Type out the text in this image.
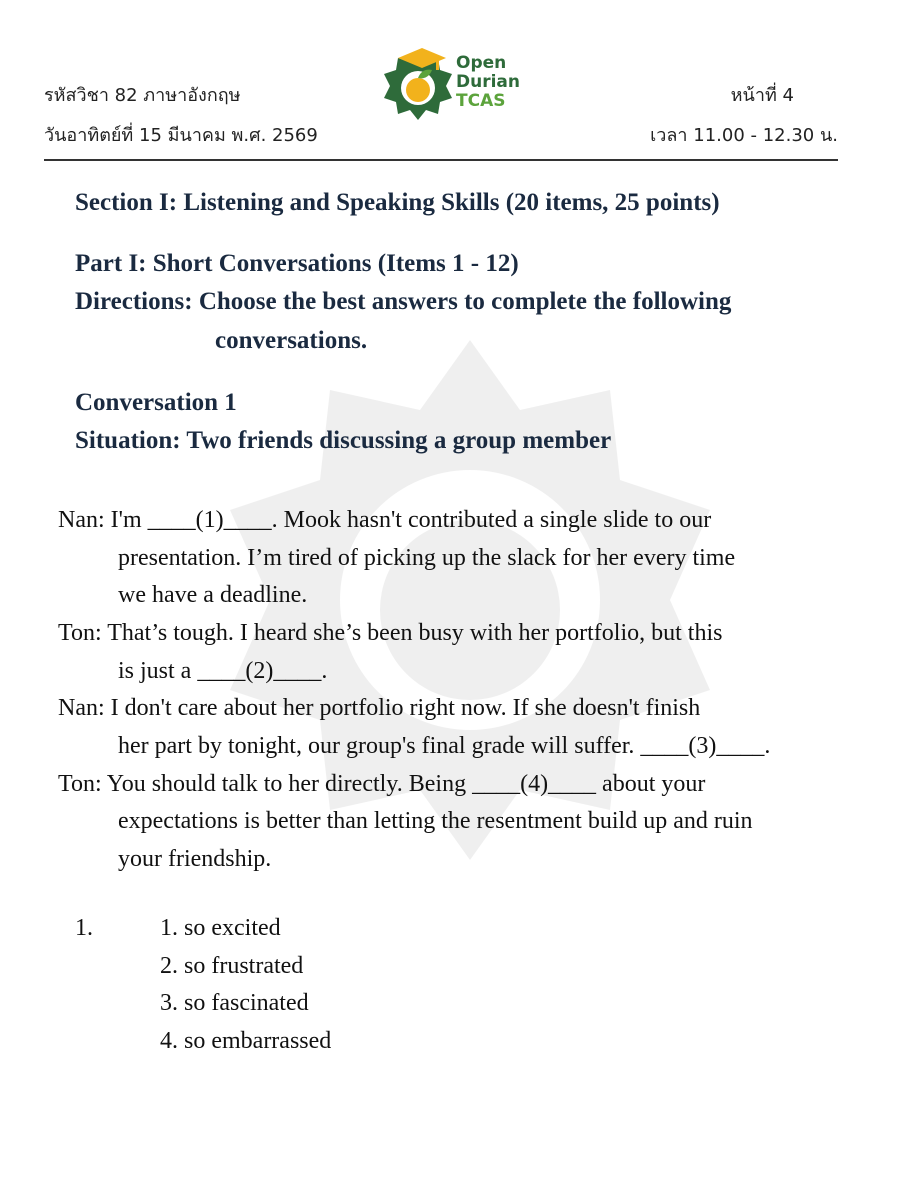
รหัสวิชา 82 ภาษาอังกฤษ
วันอาทิตย์ที่ 15 มีนาคม พ.ศ. 2569
หน้าที่ 4
เวลา 11.00 - 12.30 น.
Open
Durian
TCAS
Section I: Listening and Speaking Skills (20 items, 25 points)
Part I: Short Conversations (Items 1 - 12)
Directions: Choose the best answers to complete the following
conversations.
Conversation 1
Situation: Two friends discussing a group member
Nan: I'm ____(1)____. Mook hasn't contributed a single slide to our
presentation. I’m tired of picking up the slack for her every time
we have a deadline.
Ton: That’s tough. I heard she’s been busy with her portfolio, but this
is just a ____(2)____.
Nan: I don't care about her portfolio right now. If she doesn't finish
her part by tonight, our group's final grade will suffer. ____(3)____.
Ton: You should talk to her directly. Being ____(4)____ about your
expectations is better than letting the resentment build up and ruin
your friendship.
1.	1. so excited
2. so frustrated
3. so fascinated
4. so embarrassed
